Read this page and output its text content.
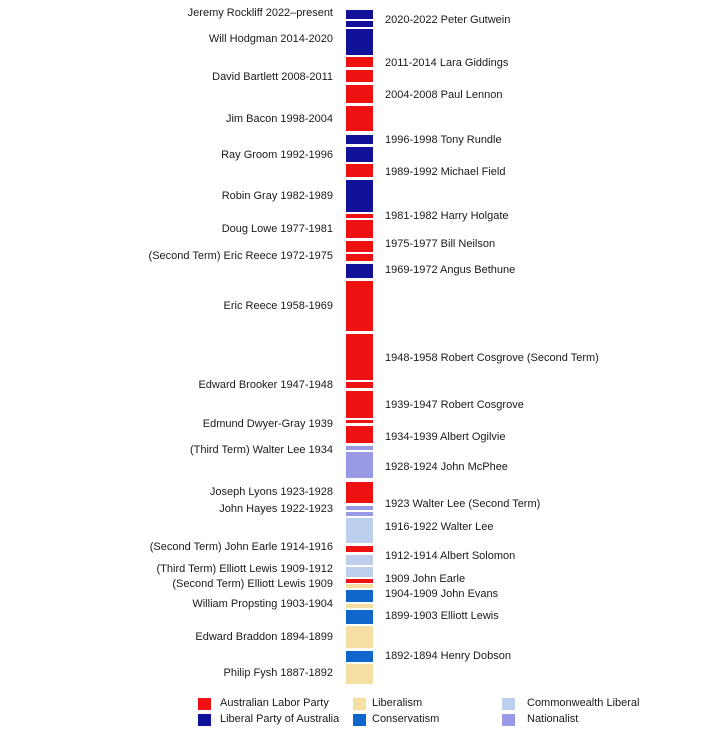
Jeremy Rockliff 2022–present
Will Hodgman 2014-2020
David Bartlett 2008-2011
Jim Bacon 1998-2004
Ray Groom 1992-1996
Robin Gray 1982-1989
Doug Lowe 1977-1981
(Second Term) Eric Reece 1972-1975
Eric Reece 1958-1969
Edward Brooker 1947-1948
Edmund Dwyer-Gray 1939
(Third Term) Walter Lee 1934
Joseph Lyons 1923-1928
John Hayes 1922-1923
(Second Term) John Earle 1914-1916
(Third Term) Elliott Lewis 1909-1912
(Second Term) Elliott Lewis 1909
William Propsting 1903-1904
Edward Braddon 1894-1899
Philip Fysh 1887-1892
2020-2022 Peter Gutwein
2011-2014 Lara Giddings
2004-2008 Paul Lennon
1996-1998 Tony Rundle
1989-1992 Michael Field
1981-1982 Harry Holgate
1975-1977 Bill Neilson
1969-1972 Angus Bethune
1948-1958 Robert Cosgrove (Second Term)
1939-1947 Robert Cosgrove
1934-1939 Albert Ogilvie
1928-1924 John McPhee
1923 Walter Lee (Second Term)
1916-1922 Walter Lee
1912-1914 Albert Solomon
1909 John Earle
1904-1909 John Evans
1899-1903 Elliott Lewis
1892-1894 Henry Dobson
Australian Labor Party
Liberal Party of Australia
Liberalism
Conservatism
Commonwealth Liberal
Nationalist
